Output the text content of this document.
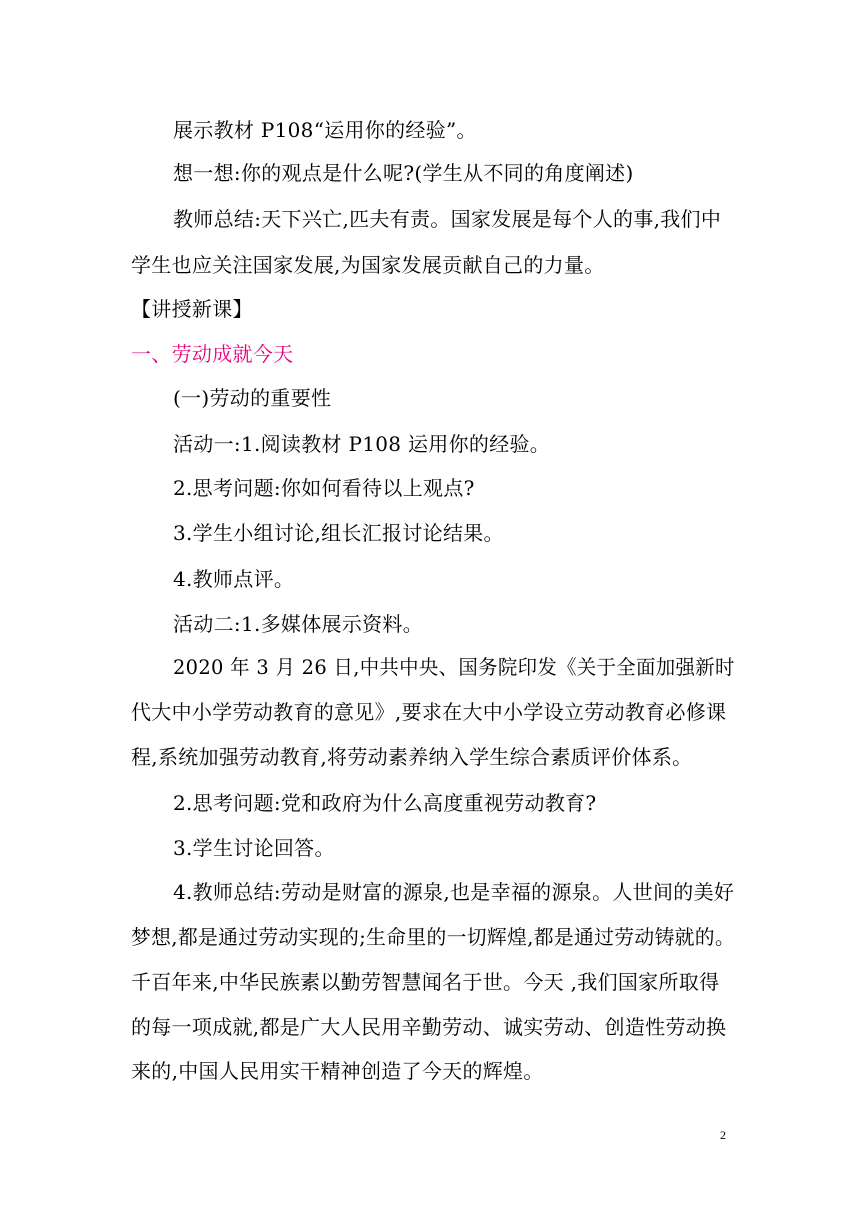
展示教材 P108“运用你的经验”。

想一想:你的观点是什么呢?(学生从不同的角度阐述)

教师总结:天下兴亡,匹夫有责。国家发展是每个人的事,我们中

学生也应关注国家发展,为国家发展贡献自己的力量。

【讲授新课】

一、劳动成就今天

(一)劳动的重要性

活动一:1.阅读教材 P108 运用你的经验。

2.思考问题:你如何看待以上观点?

3.学生小组讨论,组长汇报讨论结果。

4.教师点评。

活动二:1.多媒体展示资料。

2020 年 3 月 26 日,中共中央、国务院印发《关于全面加强新时

代大中小学劳动教育的意见》,要求在大中小学设立劳动教育必修课

程,系统加强劳动教育,将劳动素养纳入学生综合素质评价体系。

2.思考问题:党和政府为什么高度重视劳动教育?

3.学生讨论回答。

4.教师总结:劳动是财富的源泉,也是幸福的源泉。人世间的美好

梦想,都是通过劳动实现的;生命里的一切辉煌,都是通过劳动铸就的。

千百年来,中华民族素以勤劳智慧闻名于世。今天 ,我们国家所取得

的每一项成就,都是广大人民用辛勤劳动、诚实劳动、创造性劳动换

来的,中国人民用实干精神创造了今天的辉煌。

2
